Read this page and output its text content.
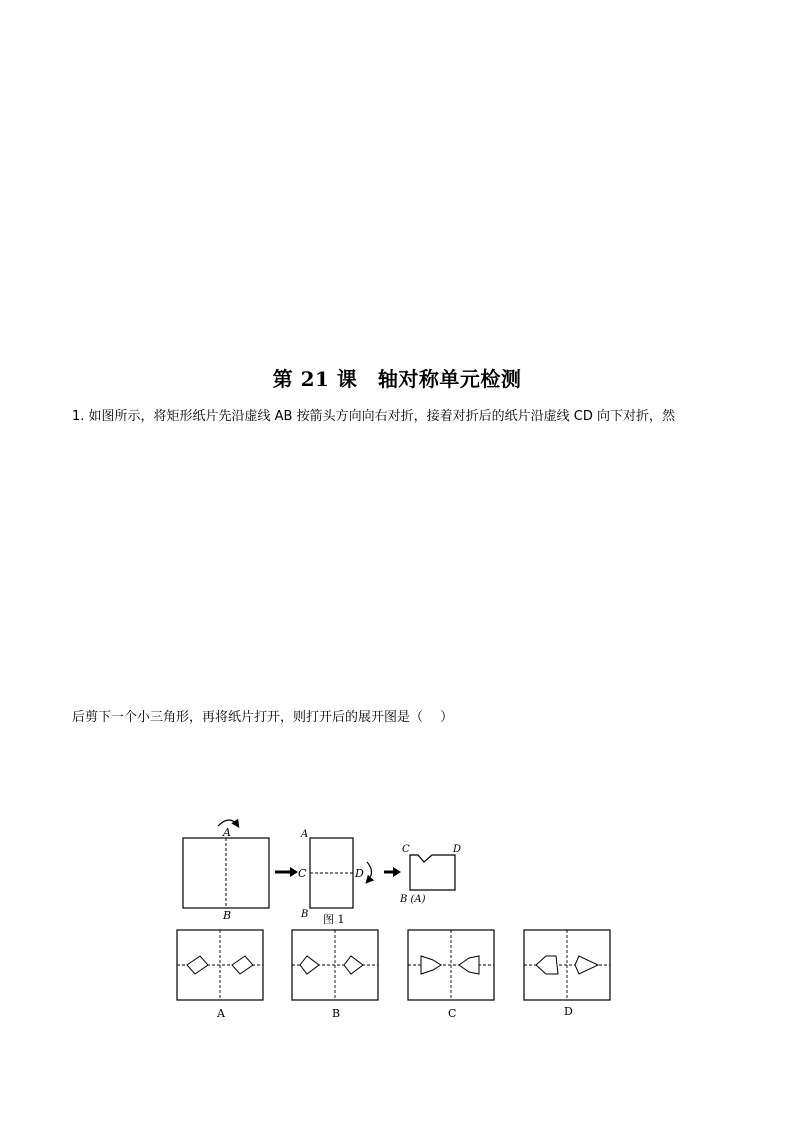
第 21 课　轴对称单元检测
1. 如图所示，将矩形纸片先沿虚线 AB 按箭头方向向右对折，接着对折后的纸片沿虚线 CD 向下对折，然
后剪下一个小三角形，再将纸片打开，则打开后的展开图是（　 ）
A
B
A
B
C	D
图 1
C	D
B (A)
A	B	C	D
